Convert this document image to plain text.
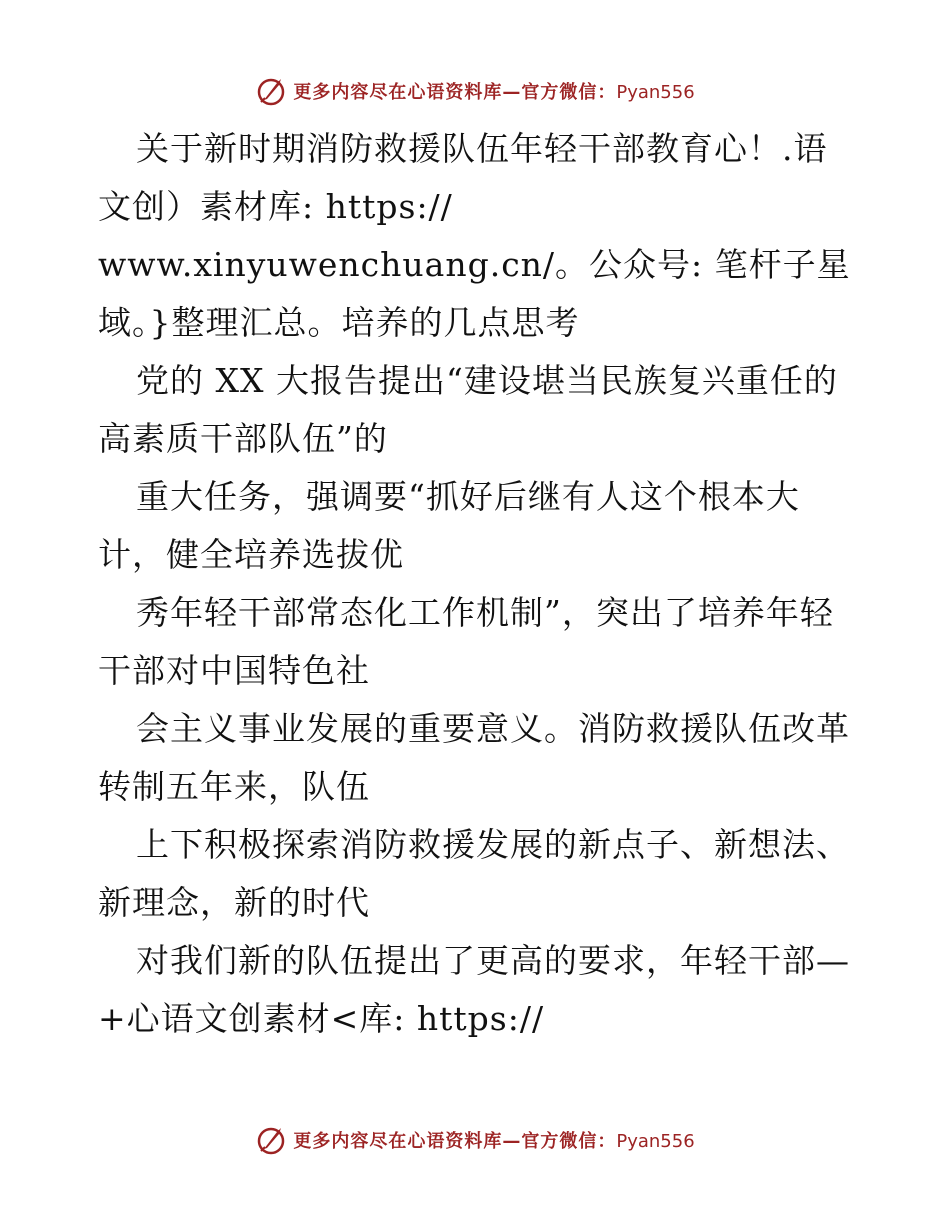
更多内容尽在心语资料库—官方微信：Pyan556
关于新时期消防救援队伍年轻干部教育心！.语
文创）素材库: https://
www.xinyuwenchuang.cn/。公众号: 笔杆子星
域。}整理汇总。培养的几点思考
党的 XX 大报告提出“建设堪当民族复兴重任的
高素质干部队伍”的
重大任务，强调要“抓好后继有人这个根本大
计，健全培养选拔优
秀年轻干部常态化工作机制”，突出了培养年轻
干部对中国特色社
会主义事业发展的重要意义。消防救援队伍改革
转制五年来，队伍
上下积极探索消防救援发展的新点子、新想法、
新理念，新的时代
对我们新的队伍提出了更高的要求，年轻干部—
+心语文创素材<库: https://
更多内容尽在心语资料库—官方微信：Pyan556
